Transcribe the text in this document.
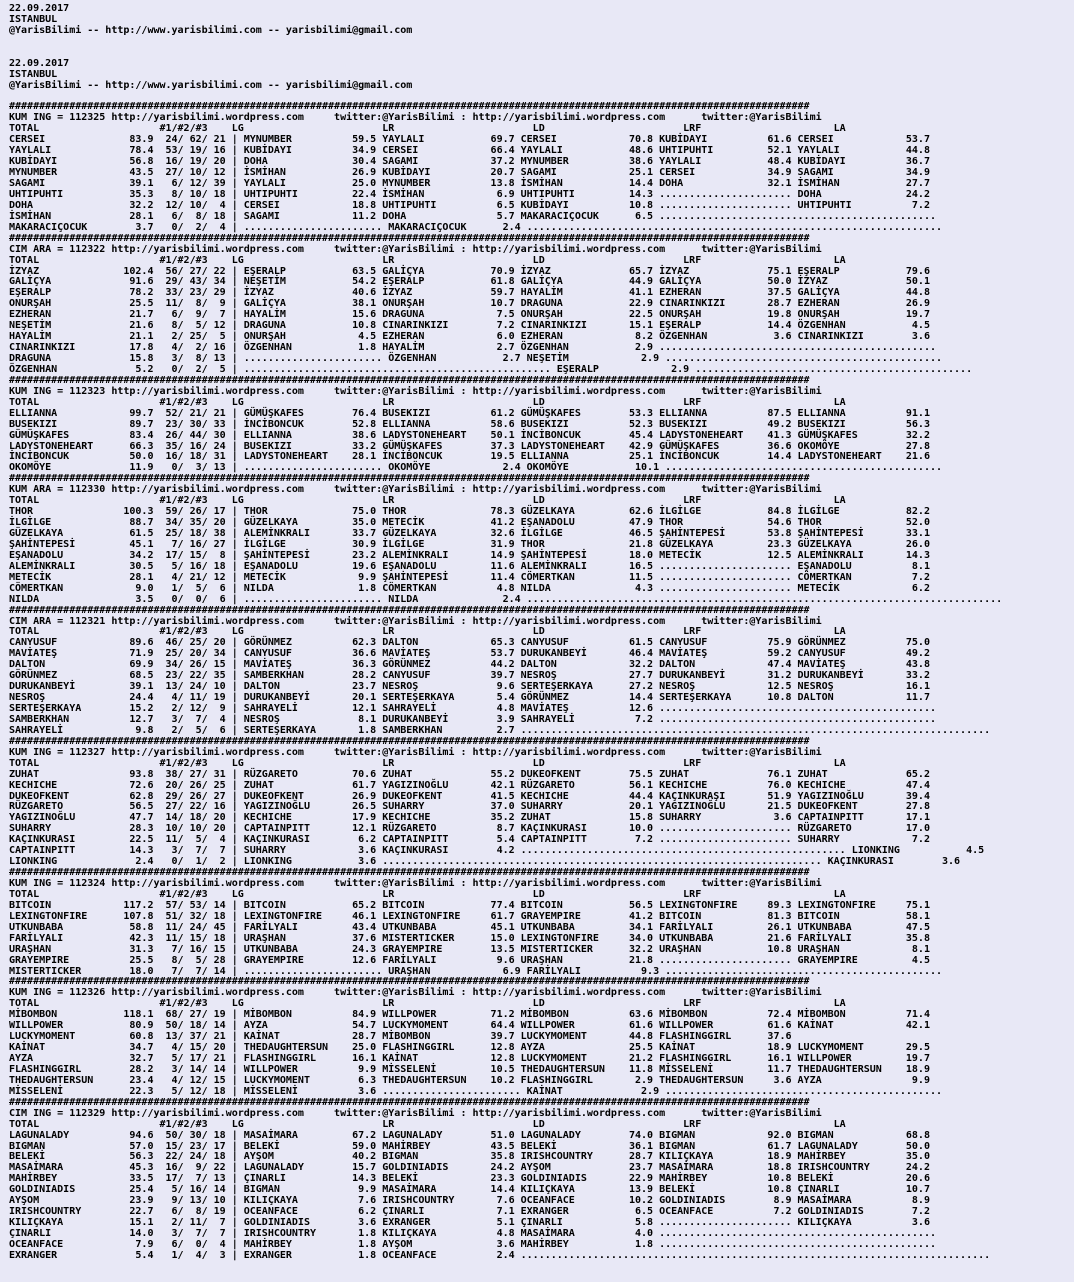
22.09.2017
ISTANBUL
@YarisBilimi -- http://www.yarisbilimi.com -- yarisbilimi@gmail.com

22.09.2017
ISTANBUL
@YarisBilimi -- http://www.yarisbilimi.com -- yarisbilimi@gmail.com

#####################################################################################################################################
KUM ING = 112325 http://yarisbilimi.wordpress.com     twitter:@YarisBilimi : http://yarisbilimi.wordpress.com      twitter:@YarisBilimi
TOTAL                    #1/#2/#3    LG                       LR                       LD                       LRF                      LA
CERSEI              83.9  24/ 62/ 21 | MYNUMBER          59.5 YAYLALI           69.7 CERSEI            70.8 KUBİDAYI          61.6 CERSEI            53.7
YAYLALI             78.4  53/ 19/ 16 | KUBİDAYI          34.9 CERSEI            66.4 YAYLALI           48.6 UHTIPUHTI         52.1 YAYLALI           44.8
KUBİDAYI            56.8  16/ 19/ 20 | DOHA              30.4 SAGAMI            37.2 MYNUMBER          38.6 YAYLALI           48.4 KUBİDAYI          36.7
MYNUMBER            43.5  27/ 10/ 12 | İSMİHAN           26.9 KUBİDAYI          20.7 SAGAMI            25.1 CERSEI            34.9 SAGAMI            34.9
SAGAMI              39.1   6/ 12/ 39 | YAYLALI           25.0 MYNUMBER          13.8 İSMİHAN           14.4 DOHA              32.1 İSMİHAN           27.7
UHTIPUHTI           35.3   8/ 10/ 18 | UHTIPUHTI         22.4 İSMİHAN            6.9 UHTIPUHTI         14.3 ...................... DOHA              24.2
DOHA                32.2  12/ 10/  4 | CERSEI            18.8 UHTIPUHTI          6.5 KUBİDAYI          10.8 ...................... UHTIPUHTI          7.2
İSMİHAN             28.1   6/  8/ 18 | SAGAMI            11.2 DOHA               5.7 MAKARACIÇOCUK      6.5 ..............................................
MAKARACIÇOCUK        3.7   0/  2/  4 | ....................... MAKARACIÇOCUK      2.4 .....................................................................
#####################################################################################################################################
CIM ARA = 112322 http://yarisbilimi.wordpress.com     twitter:@YarisBilimi : http://yarisbilimi.wordpress.com      twitter:@YarisBilimi
TOTAL                    #1/#2/#3    LG                       LR                       LD                       LRF                      LA
İZYAZ              102.4  56/ 27/ 22 | EŞERALP           63.5 GALİÇYA           70.9 İZYAZ             65.7 İZYAZ             75.1 EŞERALP           79.6
GALİÇYA             91.6  29/ 43/ 34 | NEŞETİM           54.2 EŞERALP           61.8 GALİÇYA           44.9 GALİÇYA           50.0 İZYAZ             50.1
EŞERALP             78.2  33/ 23/ 29 | İZYAZ             40.6 İZYAZ             59.7 HAYALİM           41.1 EZHERAN           37.5 GALİÇYA           44.8
ONURŞAH             25.5  11/  8/  9 | GALİÇYA           38.1 ONURŞAH           10.7 DRAGUNA           22.9 CINARINKIZI       28.7 EZHERAN           26.9
EZHERAN             21.7   6/  9/  7 | HAYALİM           15.6 DRAGUNA            7.5 ONURŞAH           22.5 ONURŞAH           19.8 ONURŞAH           19.7
NEŞETİM             21.6   8/  5/ 12 | DRAGUNA           10.8 CINARINKIZI        7.2 CINARINKIZI       15.1 EŞERALP           14.4 ÖZGENHAN           4.5
HAYALİM             21.1   2/ 25/  5 | ONURŞAH            4.5 EZHERAN            6.0 EZHERAN            8.2 ÖZGENHAN           3.6 CINARINKIZI        3.6
CINARINKIZI         17.8   4/  2/ 16 | ÖZGENHAN           1.8 HAYALİM            2.7 ÖZGENHAN           2.9 ..............................................
DRAGUNA             15.8   3/  8/ 13 | ....................... ÖZGENHAN           2.7 NEŞETİM            2.9 ..............................................
ÖZGENHAN             5.2   0/  2/  5 | ................................................... EŞERALP            2.9 ..............................................
#####################################################################################################################################
KUM ING = 112323 http://yarisbilimi.wordpress.com     twitter:@YarisBilimi : http://yarisbilimi.wordpress.com      twitter:@YarisBilimi
TOTAL                    #1/#2/#3    LG                       LR                       LD                       LRF                      LA
ELLIANNA            99.7  52/ 21/ 21 | GÜMÜŞKAFES        76.4 BUSEKIZI          61.2 GÜMÜŞKAFES        53.3 ELLIANNA          87.5 ELLIANNA          91.1
BUSEKIZI            89.7  23/ 30/ 33 | İNCİBONCUK        52.8 ELLIANNA          58.6 BUSEKIZI          52.3 BUSEKIZI          49.2 BUSEKIZI          56.3
GÜMÜŞKAFES          83.4  26/ 44/ 30 | ELLIANNA          38.6 LADYSTONEHEART    50.1 İNCİBONCUK        45.4 LADYSTONEHEART    41.3 GÜMÜŞKAFES        32.2
LADYSTONEHEART      66.3  35/ 16/ 24 | BUSEKIZI          33.2 GÜMÜŞKAFES        37.3 LADYSTONEHEART    42.9 GÜMÜŞKAFES        36.6 OKOMÖYE           27.8
İNCİBONCUK          50.0  16/ 18/ 31 | LADYSTONEHEART    28.1 İNCİBONCUK        19.5 ELLIANNA          25.1 İNCİBONCUK        14.4 LADYSTONEHEART    21.6
OKOMÖYE             11.9   0/  3/ 13 | ....................... OKOMÖYE            2.4 OKOMÖYE           10.1 ..............................................
#####################################################################################################################################
KUM ARA = 112330 http://yarisbilimi.wordpress.com     twitter:@YarisBilimi : http://yarisbilimi.wordpress.com      twitter:@YarisBilimi
TOTAL                    #1/#2/#3    LG                       LR                       LD                       LRF                      LA
THOR               100.3  59/ 26/ 17 | THOR              75.0 THOR              78.3 GÜZELKAYA         62.6 İLGİLGE           84.8 İLGİLGE           82.2
İLGİLGE             88.7  34/ 35/ 20 | GÜZELKAYA         35.0 METECİK           41.2 EŞANADOLU         47.9 THOR              54.6 THOR              52.0
GÜZELKAYA           61.5  25/ 18/ 38 | ALEMİNKRALI       33.7 GÜZELKAYA         32.6 İLGİLGE           46.5 ŞAHİNTEPESİ       53.8 ŞAHİNTEPESİ       33.1
ŞAHİNTEPESİ         45.1   7/ 16/ 27 | İLGİLGE           30.9 İLGİLGE           31.9 THOR              21.8 GÜZELKAYA         23.3 GÜZELKAYA         26.0
EŞANADOLU           34.2  17/ 15/  8 | ŞAHİNTEPESİ       23.2 ALEMİNKRALI       14.9 ŞAHİNTEPESİ       18.0 METECİK           12.5 ALEMİNKRALI       14.3
ALEMİNKRALI         30.5   5/ 16/ 18 | EŞANADOLU         19.6 EŞANADOLU         11.6 ALEMİNKRALI       16.5 ...................... EŞANADOLU          8.1
METECİK             28.1   4/ 21/ 12 | METECİK            9.9 ŞAHİNTEPESİ       11.4 CÖMERTKAN         11.5 ...................... CÖMERTKAN          7.2
CÖMERTKAN            9.0   1/  5/  6 | NILDA              1.8 CÖMERTKAN          4.8 NILDA              4.3 ...................... METECİK            6.2
NILDA                3.5   0/  0/  6 | ....................... NILDA              2.4 ...............................................................................
#####################################################################################################################################
CIM ARA = 112321 http://yarisbilimi.wordpress.com     twitter:@YarisBilimi : http://yarisbilimi.wordpress.com      twitter:@YarisBilimi
TOTAL                    #1/#2/#3    LG                       LR                       LD                       LRF                      LA
CANYUSUF            89.6  46/ 25/ 20 | GÖRÜNMEZ          62.3 DALTON            65.3 CANYUSUF          61.5 CANYUSUF          75.9 GÖRÜNMEZ          75.0
MAVİATEŞ            71.9  25/ 20/ 34 | CANYUSUF          36.6 MAVİATEŞ          53.7 DURUKANBEYİ       46.4 MAVİATEŞ          59.2 CANYUSUF          49.2
DALTON              69.9  34/ 26/ 15 | MAVİATEŞ          36.3 GÖRÜNMEZ          44.2 DALTON            32.2 DALTON            47.4 MAVİATEŞ          43.8
GÖRÜNMEZ            68.5  23/ 22/ 35 | SAMBERKHAN        28.2 CANYUSUF          39.7 NESROŞ            27.7 DURUKANBEYİ       31.2 DURUKANBEYİ       33.2
DURUKANBEYİ         39.1  13/ 24/ 10 | DALTON            23.7 NESROŞ             9.6 SERTEŞERKAYA      27.2 NESROŞ            12.5 NESROŞ            16.1
NESROŞ              24.4   4/ 11/ 19 | DURUKANBEYİ       20.1 SERTEŞERKAYA       5.4 GÖRÜNMEZ          14.4 SERTEŞERKAYA      10.8 DALTON            11.7
SERTEŞERKAYA        15.2   2/ 12/  9 | SAHRAYELİ         12.1 SAHRAYELİ          4.8 MAVİATEŞ          12.6 ..............................................
SAMBERKHAN          12.7   3/  7/  4 | NESROŞ             8.1 DURUKANBEYİ        3.9 SAHRAYELİ          7.2 ..............................................
SAHRAYELİ            9.8   2/  5/  6 | SERTEŞERKAYA       1.8 SAMBERKHAN         2.7 ..............................................................................
#####################################################################################################################################
KUM ING = 112327 http://yarisbilimi.wordpress.com     twitter:@YarisBilimi : http://yarisbilimi.wordpress.com      twitter:@YarisBilimi
TOTAL                    #1/#2/#3    LG                       LR                       LD                       LRF                      LA
ZUHAT               93.8  38/ 27/ 31 | RÜZGARETO         70.6 ZUHAT             55.2 DUKEOFKENT        75.5 ZUHAT             76.1 ZUHAT             65.2
KECHICHE            72.6  20/ 26/ 25 | ZUHAT             61.7 YAGIZINOĞLU       42.1 RÜZGARETO         56.1 KECHICHE          76.0 KECHICHE          47.4
DUKEOFKENT          62.8  29/ 26/ 27 | DUKEOFKENT        26.9 DUKEOFKENT        41.5 KECHICHE          44.4 KAÇINKURAŞI       51.9 YAGIZINOĞLU       39.4
RÜZGARETO           56.5  27/ 22/ 16 | YAGIZINOĞLU       26.5 SUHARRY           37.0 SUHARRY           20.1 YAGIZINOĞLU       21.5 DUKEOFKENT        27.8
YAGIZINOĞLU         47.7  14/ 18/ 20 | KECHICHE          17.9 KECHICHE          35.2 ZUHAT             15.8 SUHARRY            3.6 CAPTAINPITT       17.1
SUHARRY             28.3  10/ 10/ 20 | CAPTAINPITT       12.1 RÜZGARETO          8.7 KAÇINKURASI       10.0 ...................... RÜZGARETO         17.0
KAÇINKURASI         22.5  11/  5/  4 | KAÇINKURASI        6.2 CAPTAINPITT        5.4 CAPTAINPITT        7.2 ...................... SUHARRY            7.2
CAPTAINPITT         14.3   3/  7/  7 | SUHARRY            3.6 KAÇINKURASI        4.2 ...................................................... LIONKING           4.5
LIONKING             2.4   0/  1/  2 | LIONKING           3.6 ......................................................................... KAÇINKURASI        3.6
#####################################################################################################################################
KUM ING = 112324 http://yarisbilimi.wordpress.com     twitter:@YarisBilimi : http://yarisbilimi.wordpress.com      twitter:@YarisBilimi
TOTAL                    #1/#2/#3    LG                       LR                       LD                       LRF                      LA
BITCOIN            117.2  57/ 53/ 14 | BITCOIN           65.2 BITCOIN           77.4 BITCOIN           56.5 LEXINGTONFIRE     89.3 LEXINGTONFIRE     75.1
LEXINGTONFIRE      107.8  51/ 32/ 18 | LEXINGTONFIRE     46.1 LEXINGTONFIRE     61.7 GRAYEMPIRE        41.2 BITCOIN           81.3 BITCOIN           58.1
UTKUNBABA           58.8  11/ 24/ 45 | FARİLYALI         43.4 UTKUNBABA         45.1 UTKUNBABA         34.1 FARİLYALI         26.1 UTKUNBABA         47.5
FARİLYALI           42.3  11/ 15/ 18 | URAŞHAN           37.6 MISTERTICKER      15.0 LEXINGTONFIRE     34.0 UTKUNBABA         21.6 FARİLYALI         35.8
URAŞHAN             31.3   7/ 16/ 15 | UTKUNBABA         24.3 GRAYEMPIRE        13.5 MISTERTICKER      32.2 URAŞHAN           10.8 URAŞHAN            8.1
GRAYEMPIRE          25.5   8/  5/ 28 | GRAYEMPIRE        12.6 FARİLYALI          9.6 URAŞHAN           21.8 ...................... GRAYEMPIRE         4.5
MISTERTICKER        18.0   7/  7/ 14 | ....................... URAŞHAN            6.9 FARİLYALI          9.3 ..............................................
#####################################################################################################################################
KUM ING = 112326 http://yarisbilimi.wordpress.com     twitter:@YarisBilimi : http://yarisbilimi.wordpress.com      twitter:@YarisBilimi
TOTAL                    #1/#2/#3    LG                       LR                       LD                       LRF                      LA
MİBOMBON           118.1  68/ 27/ 19 | MİBOMBON          84.9 WILLPOWER         71.2 MİBOMBON          63.6 MİBOMBON          72.4 MİBOMBON          71.4
WILLPOWER           80.9  50/ 18/ 14 | AYZA              54.7 LUCKYMOMENT       64.4 WILLPOWER         61.6 WILLPOWER         61.6 KAİNAT            42.1
LUCKYMOMENT         60.8  13/ 37/ 21 | KAİNAT            28.7 MİBOMBON          39.7 LUCKYMOMENT       44.8 FLASHINGGIRL      37.6
KAİNAT              34.7   4/ 15/ 20 | THEDAUGHTERSUN    25.0 FLASHINGGIRL      12.8 AYZA              25.5 KAİNAT            18.9 LUCKYMOMENT       29.5
AYZA                32.7   5/ 17/ 21 | FLASHINGGIRL      16.1 KAİNAT            12.8 LUCKYMOMENT       21.2 FLASHINGGIRL      16.1 WILLPOWER         19.7
FLASHINGGIRL        28.2   3/ 14/ 14 | WILLPOWER          9.9 MİSSELENİ         10.5 THEDAUGHTERSUN    11.8 MİSSELENİ         11.7 THEDAUGHTERSUN    18.9
THEDAUGHTERSUN      23.4   4/ 12/ 15 | LUCKYMOMENT        6.3 THEDAUGHTERSUN    10.2 FLASHINGGIRL       2.9 THEDAUGHTERSUN     3.6 AYZA               9.9
MİSSELENİ           22.3   5/ 12/ 18 | MİSSELENİ          3.6 ....................... KAİNAT             2.9 ..............................................
#####################################################################################################################################
CIM ING = 112329 http://yarisbilimi.wordpress.com     twitter:@YarisBilimi : http://yarisbilimi.wordpress.com      twitter:@YarisBilimi
TOTAL                    #1/#2/#3    LG                       LR                       LD                       LRF                      LA
LAGUNALADY          94.6  50/ 30/ 18 | MASAİMARA         67.2 LAGUNALADY        51.0 LAGUNALADY        74.0 BIGMAN            92.0 BIGMAN            68.8
BIGMAN              57.0  15/ 23/ 17 | BELEKİ            59.0 MAHİRBEY          43.5 BELEKİ            36.1 BIGMAN            61.7 LAGUNALADY        50.0
BELEKİ              56.3  22/ 24/ 18 | AYŞOM             40.2 BIGMAN            35.8 IRISHCOUNTRY      28.7 KILIÇKAYA         18.9 MAHİRBEY          35.0
MASAİMARA           45.3  16/  9/ 22 | LAGUNALADY        15.7 GOLDINIADIS       24.2 AYŞOM             23.7 MASAİMARA         18.8 IRISHCOUNTRY      24.2
MAHİRBEY            33.5  17/  7/ 13 | ÇINARLI           14.3 BELEKİ            23.3 GOLDINIADIS       22.9 MAHİRBEY          10.8 BELEKİ            20.6
GOLDINIADIS         25.4   5/ 16/ 14 | BIGMAN             9.9 MASAİMARA         14.4 KILIÇKAYA         13.9 BELEKİ            10.8 ÇINARLI           10.7
AYŞOM               23.9   9/ 13/ 10 | KILIÇKAYA          7.6 IRISHCOUNTRY       7.6 OCEANFACE         10.2 GOLDINIADIS        8.9 MASAİMARA          8.9
IRISHCOUNTRY        22.7   6/  8/ 19 | OCEANFACE          6.2 ÇINARLI            7.1 EXRANGER           6.5 OCEANFACE          7.2 GOLDINIADIS        7.2
KILIÇKAYA           15.1   2/ 11/  7 | GOLDINIADIS        3.6 EXRANGER           5.1 ÇINARLI            5.8 ...................... KILIÇKAYA          3.6
ÇINARLI             14.0   3/  7/  7 | IRISHCOUNTRY       1.8 KILIÇKAYA          4.8 MASAİMARA          4.0 ..............................................
OCEANFACE            7.9   6/  0/  4 | MAHİRBEY           1.8 AYŞOM              3.6 MAHİRBEY           1.8 ..............................................
EXRANGER             5.4   1/  4/  3 | EXRANGER           1.8 OCEANFACE          2.4 ..............................................................................
